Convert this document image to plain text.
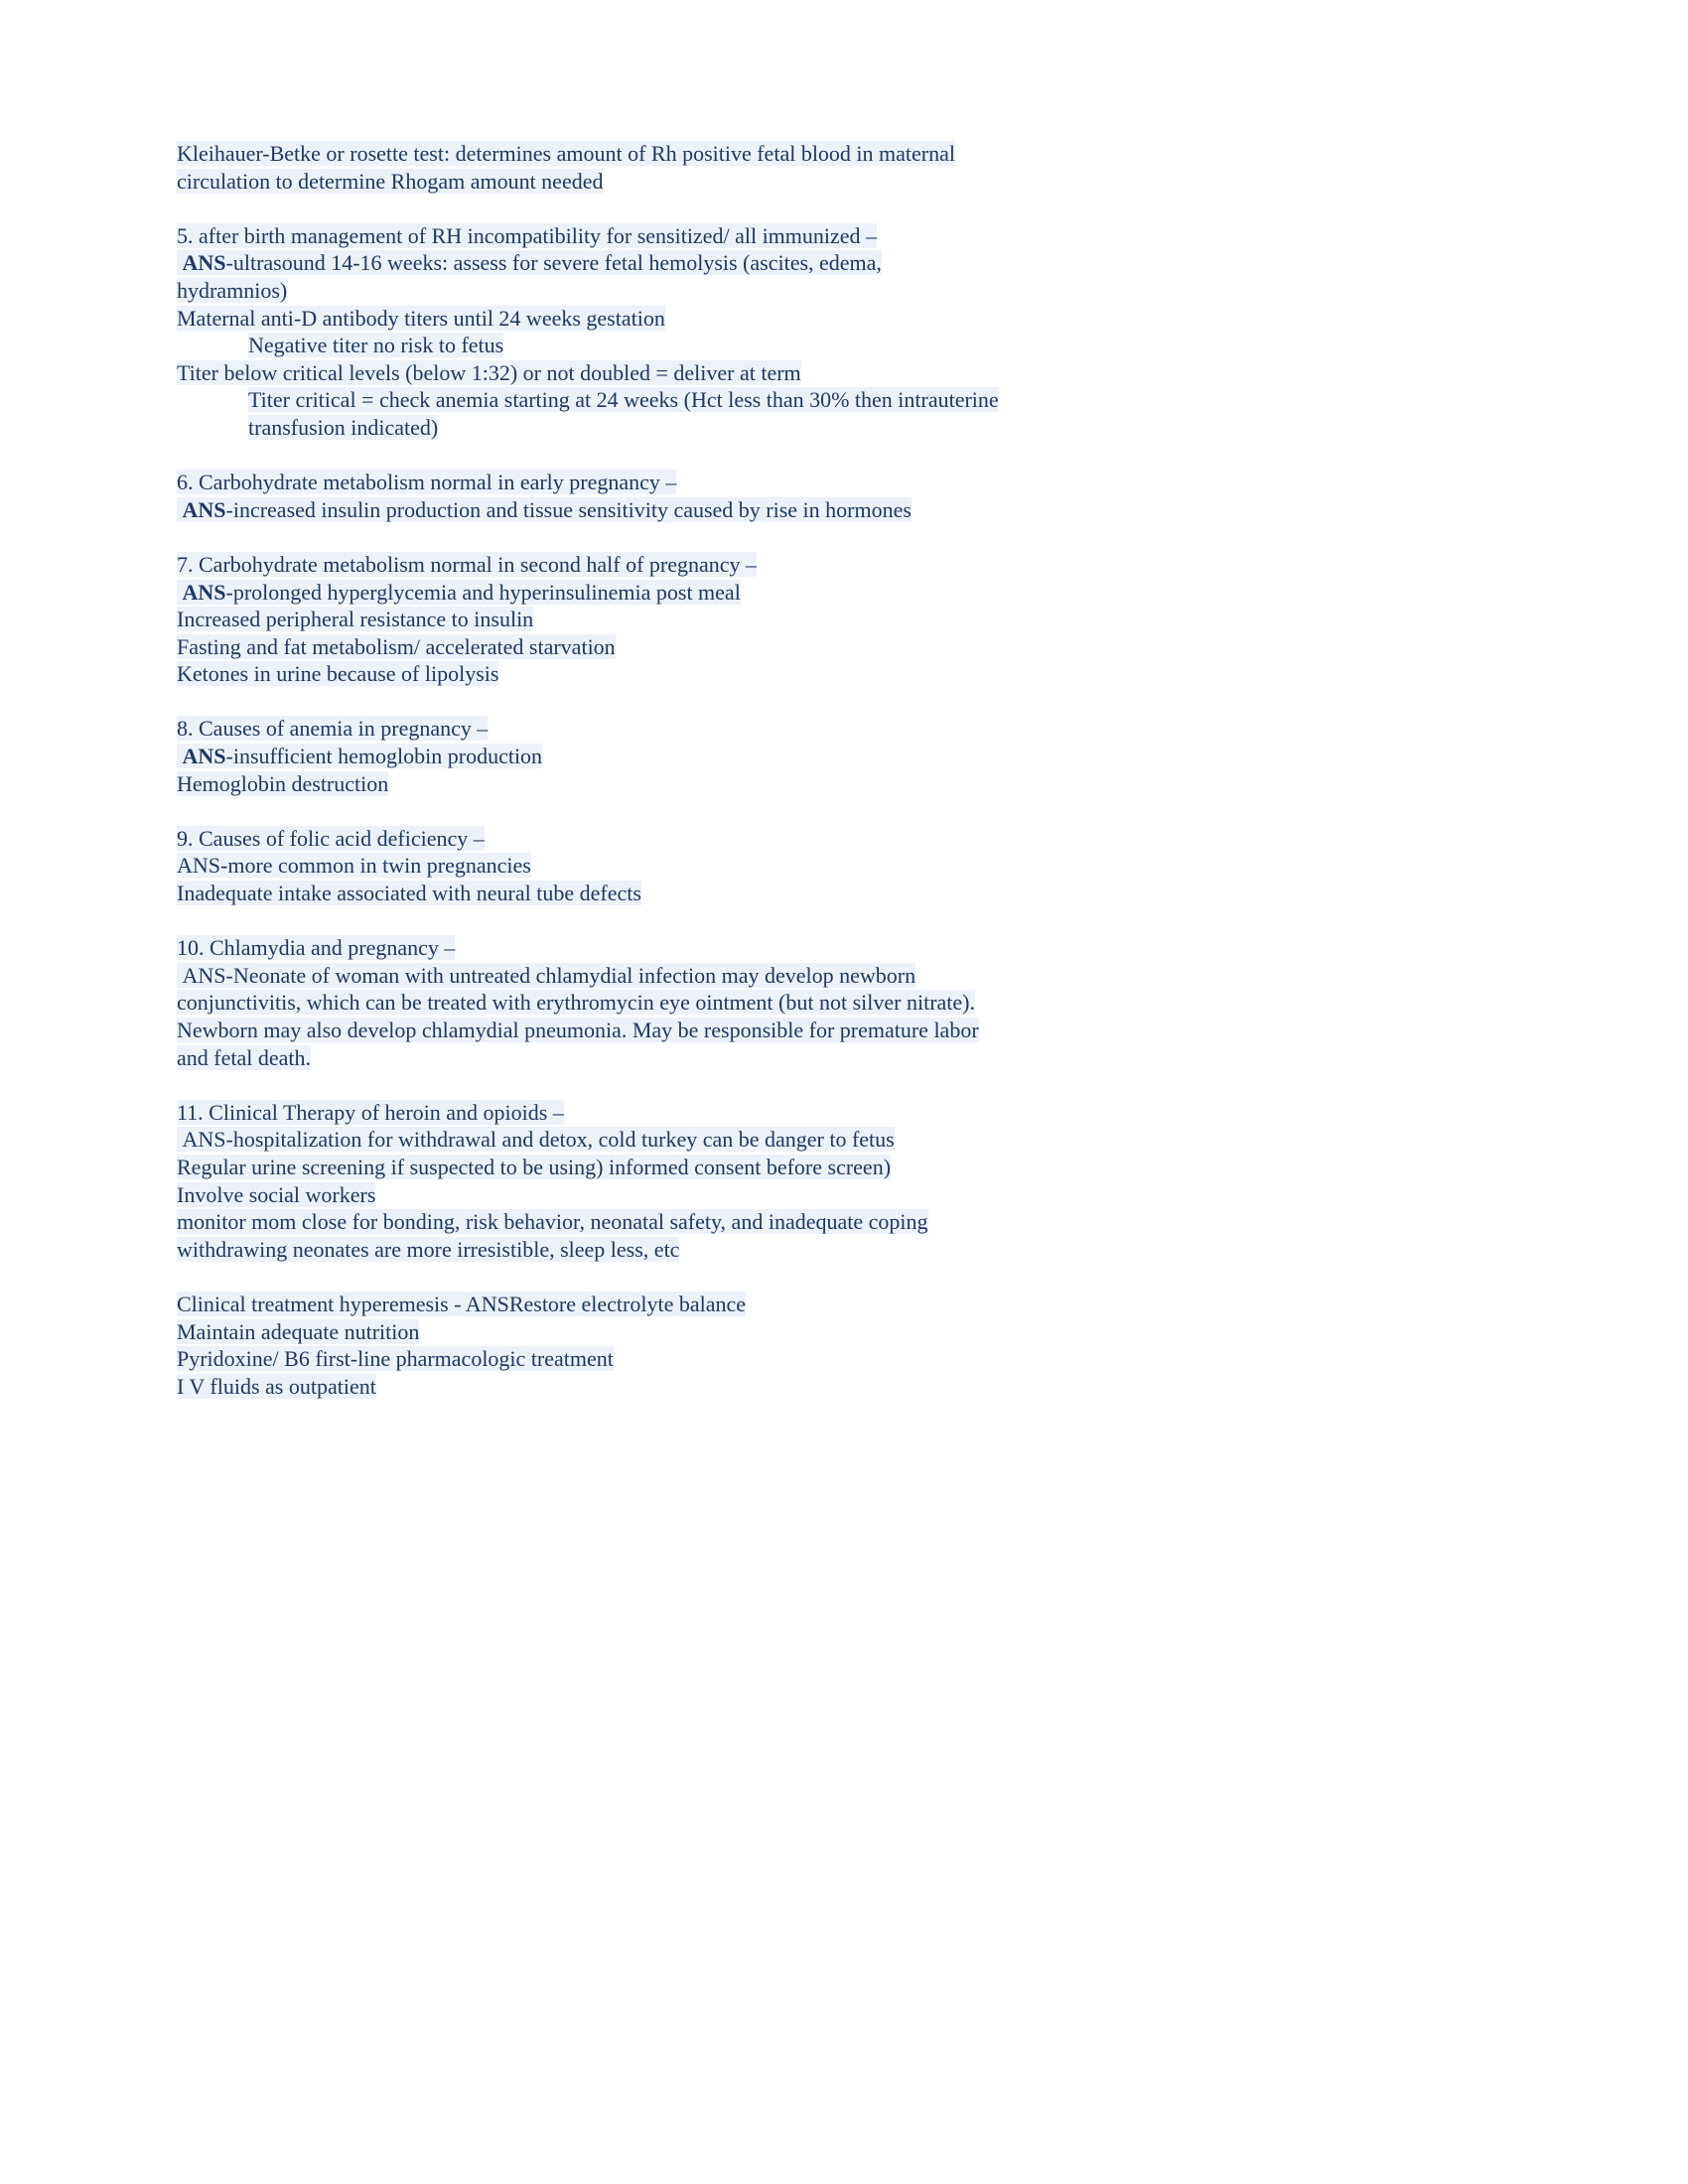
Kleihauer-Betke or rosette test: determines amount of Rh positive fetal blood in maternal
circulation to determine Rhogam amount needed
5. after birth management of RH incompatibility for sensitized/ all immunized –
ANS-ultrasound 14-16 weeks: assess for severe fetal hemolysis (ascites, edema,
hydramnios)
Maternal anti-D antibody titers until 24 weeks gestation
Negative titer no risk to fetus
Titer below critical levels (below 1:32) or not doubled = deliver at term
Titer critical = check anemia starting at 24 weeks (Hct less than 30% then intrauterine
transfusion indicated)
6. Carbohydrate metabolism normal in early pregnancy –
ANS-increased insulin production and tissue sensitivity caused by rise in hormones
7. Carbohydrate metabolism normal in second half of pregnancy –
ANS-prolonged hyperglycemia and hyperinsulinemia post meal
Increased peripheral resistance to insulin
Fasting and fat metabolism/ accelerated starvation
Ketones in urine because of lipolysis
8. Causes of anemia in pregnancy –
ANS-insufficient hemoglobin production
Hemoglobin destruction
9. Causes of folic acid deficiency –
ANS-more common in twin pregnancies
Inadequate intake associated with neural tube defects
10. Chlamydia and pregnancy –
ANS-Neonate of woman with untreated chlamydial infection may develop newborn
conjunctivitis, which can be treated with erythromycin eye ointment (but not silver nitrate).
Newborn may also develop chlamydial pneumonia. May be responsible for premature labor
and fetal death.
11. Clinical Therapy of heroin and opioids –
ANS-hospitalization for withdrawal and detox, cold turkey can be danger to fetus
Regular urine screening if suspected to be using) informed consent before screen)
Involve social workers
monitor mom close for bonding, risk behavior, neonatal safety, and inadequate coping
withdrawing neonates are more irresistible, sleep less, etc
Clinical treatment hyperemesis - ANSRestore electrolyte balance
Maintain adequate nutrition
Pyridoxine/ B6 first-line pharmacologic treatment
I V fluids as outpatient
